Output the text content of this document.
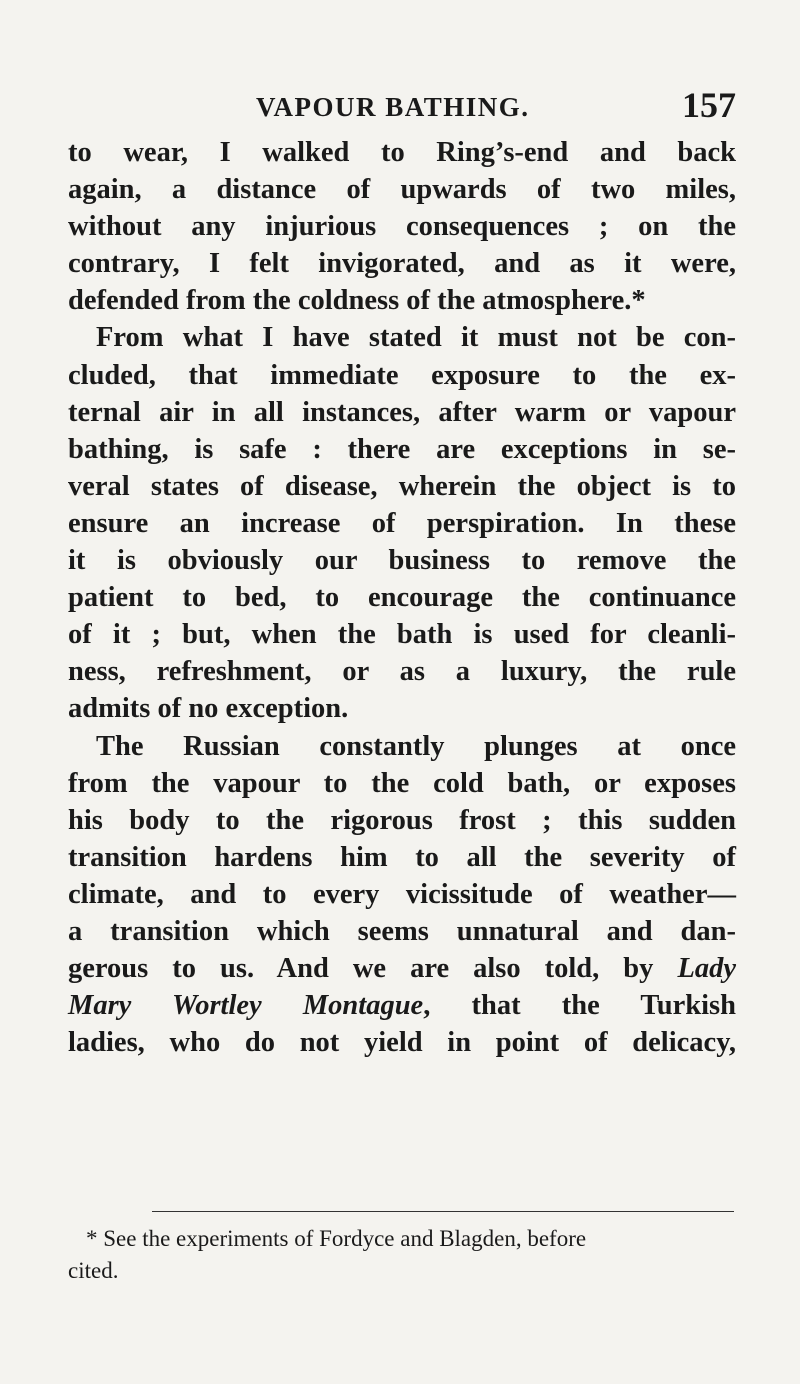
VAPOUR BATHING.	157
to wear, I walked to Ring’s-end and back
again, a distance of upwards of two miles,
without any injurious consequences ; on the
contrary, I felt invigorated, and as it were,
defended from the coldness of the atmosphere.*
From what I have stated it must not be con-
cluded, that immediate exposure to the ex-
ternal air in all instances, after warm or vapour
bathing, is safe : there are exceptions in se-
veral states of disease, wherein the object is to
ensure an increase of perspiration. In these
it is obviously our business to remove the
patient to bed, to encourage the continuance
of it ; but, when the bath is used for cleanli-
ness, refreshment, or as a luxury, the rule
admits of no exception.
The Russian constantly plunges at once
from the vapour to the cold bath, or exposes
his body to the rigorous frost ; this sudden
transition hardens him to all the severity of
climate, and to every vicissitude of weather—
a transition which seems unnatural and dan-
gerous to us. And we are also told, by Lady
Mary Wortley Montague, that the Turkish
ladies, who do not yield in point of delicacy,
* See the experiments of Fordyce and Blagden, before
cited.
